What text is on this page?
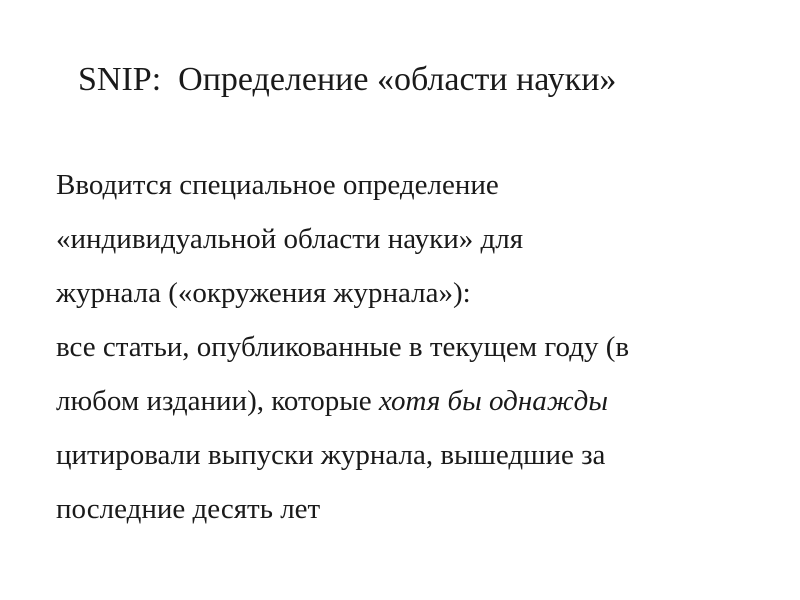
SNIP:  Определение «области науки»
Вводится специальное определение
«индивидуальной области науки» для
журнала («окружения журнала»):
все статьи, опубликованные в текущем году (в
любом издании), которые хотя бы однажды
цитировали выпуски журнала, вышедшие за
последние десять лет
